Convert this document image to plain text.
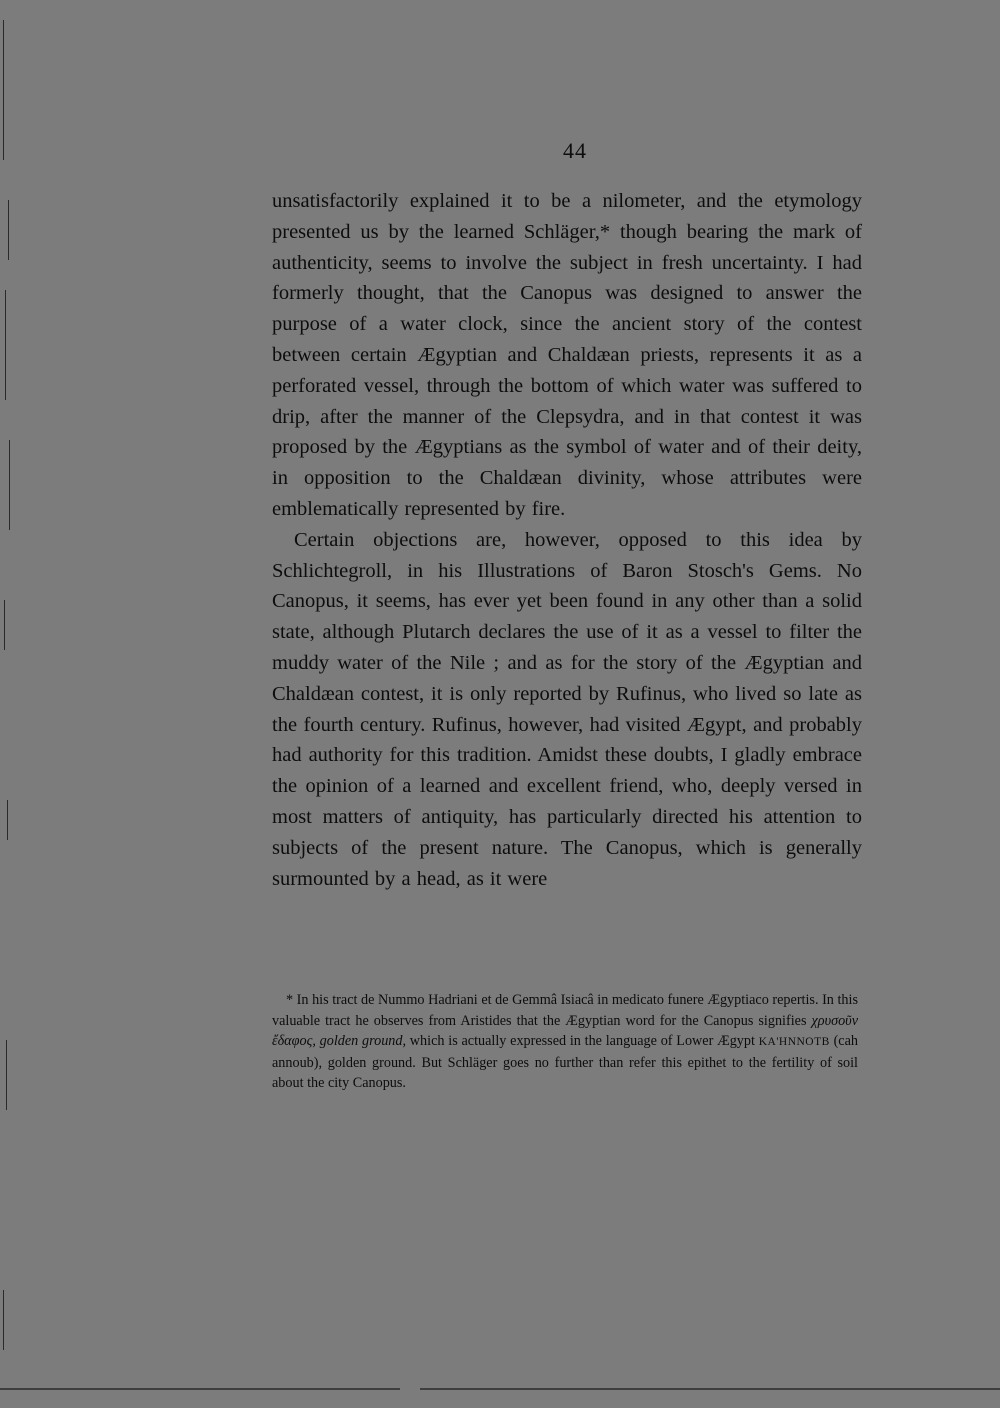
44

unsatisfactorily explained it to be a nilometer, and the etymology presented us by the learned Schläger,* though bearing the mark of authenticity, seems to involve the subject in fresh uncertainty. I had formerly thought, that the Canopus was designed to answer the purpose of a water clock, since the ancient story of the contest between certain Ægyptian and Chaldæan priests, represents it as a perforated vessel, through the bottom of which water was suffered to drip, after the manner of the Clepsydra, and in that contest it was proposed by the Ægyptians as the symbol of water and of their deity, in opposition to the Chaldæan divinity, whose attributes were emblematically represented by fire.

Certain objections are, however, opposed to this idea by Schlichtegroll, in his Illustrations of Baron Stosch's Gems. No Canopus, it seems, has ever yet been found in any other than a solid state, although Plutarch declares the use of it as a vessel to filter the muddy water of the Nile ; and as for the story of the Ægyptian and Chaldæan contest, it is only reported by Rufinus, who lived so late as the fourth century. Rufinus, however, had visited Ægypt, and probably had authority for this tradition. Amidst these doubts, I gladly embrace the opinion of a learned and excellent friend, who, deeply versed in most matters of antiquity, has particularly directed his attention to subjects of the present nature. The Canopus, which is generally surmounted by a head, as it were

* In his tract de Nummo Hadriani et de Gemmâ Isiacâ in medicato funere Ægyptiaco repertis. In this valuable tract he observes from Aristides that the Ægyptian word for the Canopus signifies χρυσοῦν ἔδαφος, golden ground, which is actually expressed in the language of Lower Ægypt KA'HNNOTB (cah annoub), golden ground. But Schläger goes no further than refer this epithet to the fertility of soil about the city Canopus.
